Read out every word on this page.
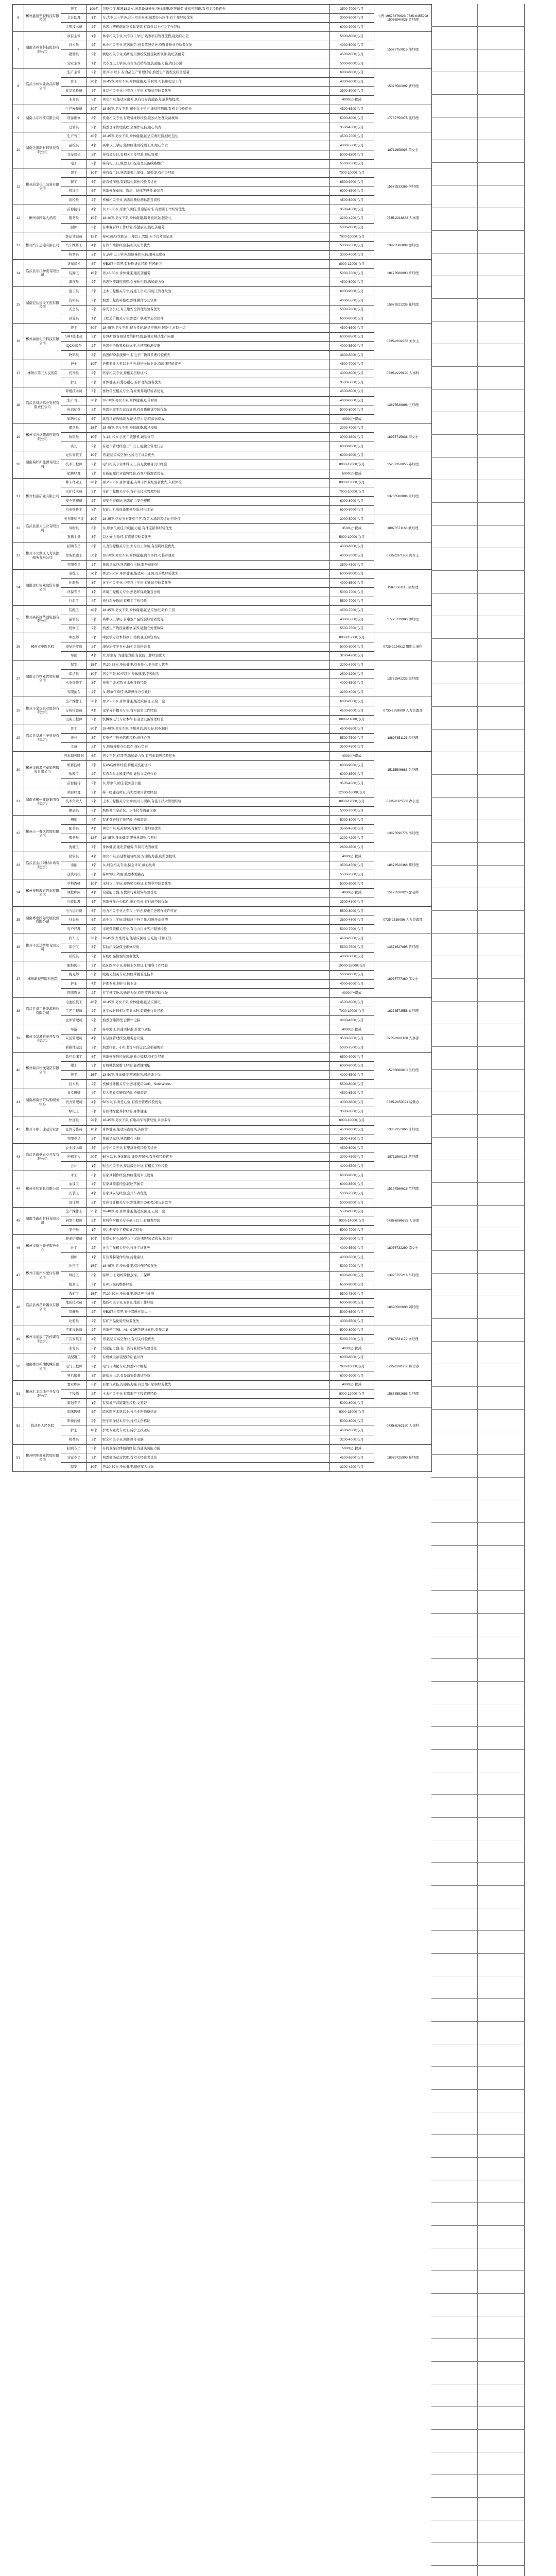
6	郴州鑫通塑胶科技有限公司	普工	100名	包吃包住,年满18周岁,熟悉设备操作,身体健康,吃苦耐劳,能适应倒班,有相关经验优先	3500-7000元/月	小曾 19573379623 0735-6455998 15036940028 黄经理
		会计助理	1名	女,大专以上学历,会计相关专业,熟悉办公软件,有工作经验优先	3000-5000元/月	
		注塑技术员	2名	熟悉注塑机调试及模具安装,有两年以上相关工作经验	6000-9000元/月	
7	湖南省林业科技股份有限公司	项目主管	1名	林学相关专业,大专以上学历,熟悉项目管理流程,能适应出差	5000-8000元/月	15073759815 邹经理
		技术员	2名	林业相关专业,吃苦耐劳,持有驾照优先,有野外作业经验者优先	4000-6000元/月	
		勘测员	2名	测绘相关专业,熟练使用测绘仪器及制图软件,能吃苦耐劳	4500-6500元/月	
		营业主管	1名	大专及以上学历,有市场营销经验,沟通能力强,责任心强	5000-8000元/月	
8	临武小林实业食品有限公司	生产主管	2名	男,35岁以下,有食品生产管理经验,熟悉生产流程及质量控制	6000-8000元/月	15073560092 曹经理
		普工	20名	18-45岁,男女不限,身体健康,吃苦耐劳,可长期稳定工作	4000-6000元/月	
		食品质检员	2名	食品相关专业,中专以上学历,有质检经验者优先	3500-5000元/月	
		业务员	5名	男女不限,能适应出差,具有良好沟通能力,底薪加提成	4000元+提成	
9	湖南小东科技有限公司	生产操作员	30名	18-50岁,男女不限,初中以上学历,能适应倒班,有相关经验优先	4500-6500元/月	17752750075 熊经理
		设备维修	3名	机电相关专业,有设备维修经验,能独立处理设备故障	5000-8000元/月	
		仓管员	2名	熟悉仓库管理流程,会操作电脑,细心负责	3500-4500元/月	
10	湖南美盛新材料科技有限公司	生产普工	40名	18-45岁,男女不限,身体健康,能适应两班倒,包吃包住	4500-7000元/月	18711958098 黄女士
		品检员	4名	高中以上学历,能熟练使用检测工具,细心负责	4000-5500元/月	
		叉车司机	2名	持有叉车证,有相关工作经验,服从管理	5000-6500元/月	
		电工	2名	持有电工证,熟悉工厂配电及设备线路维护	5500-7500元/月	
11	郴州冶金化工装备有限公司	焊工	10名	持有焊工证,熟练掌握二保焊、氩弧焊,有相关经验	7000-10000元/月	15873533366 何经理
		铆工	5名	能看懂图纸,有钢结构制作经验者优先	6500-9000元/月	
		机加工	5名	熟练操作车床、铣床、钻床等设备,能识图	6000-8500元/月	
		质检员	2名	机械相关专业,熟悉质量检测标准及流程	4500-6000元/月	
12	郴州市国际大酒店	前台接待	4名	女,18-30岁,形象气质佳,普通话标准,有酒店工作经验优先	3500-4500元/月	0735-2218888 人事部
		服务员	10名	18-40岁,男女不限,身体健康,服务意识强,包吃住	3200-4200元/月	
		厨师	3名	有中餐厨师工作经验,持健康证,能吃苦耐劳	5000-8000元/月	
13	郴州汽车运输有限公司	客运驾驶员	15名	持A1或A3驾驶证,三年以上驾龄,无不良驾驶记录	7000-10000元/月	13973588809 谢经理
		汽车维修工	4名	有汽车维修经验,持相关证书优先	5000-7500元/月	
		售票员	3名	女,高中以上学历,熟练操作电脑,服务态度好	3000-4000元/月	
14	临武县东江物流有限公司	货车司机	8名	持B2以上驾照,有长途货运经验,吃苦耐劳	8000-12000元/月	18173568090 罗经理
		装卸工	10名	男,18-50岁,身体健康,能吃苦耐劳	5000-7000元/月	
		调度员	2名	熟悉物流调度流程,会操作电脑,沟通能力强	4500-6000元/月	
15	湖南宏达建设工程有限公司	施工员	3名	土木工程相关专业,持施工员证,有施工管理经验	6000-9000元/月	15973521236 陈经理
		资料员	2名	熟悉工程资料整理,熟练操作办公软件	4000-5500元/月	
		安全员	2名	持安全员证,有工地安全管理经验者优先	5000-7000元/月	
		预算员	1名	工程造价相关专业,熟悉广联达等造价软件	6000-8000元/月	
16	郴州福田电子科技有限公司	普工	80名	18-45岁,男女不限,视力良好,能适应倒班,包吃住,五险一金	4500-6500元/月	0735-2832268 刘女士
		SMT技术员	3名	有SMT设备调试及维护经验,能独立解决生产问题	6000-8500元/月	
		IQC检验员	2名	熟悉电子物料检验标准,会使用检测仪器	4000-5500元/月	
		物料员	3名	熟悉ERP系统操作,有电子厂物料管理经验优先	3800-5000元/月	
17	郴州市第三人民医院	护士	10名	护理专业大专以上学历,持护士执业证,有临床经验优先	4500-7000元/月	0735-2229120 人事科
		药剂员	2名	药学相关专业,持相关资格证书	4000-6000元/月	
		护工	6名	身体健康,有爱心耐心,有护理经验者优先	3500-5000元/月	
18	临武县舜华鸭业发展有限责任公司	养殖技术员	3名	畜牧兽医相关专业,有家禽养殖经验者优先	4500-6500元/月	13875538898 王经理
		生产普工	30名	18-50岁,男女不限,身体健康,吃苦耐劳	4000-6000元/月	
		电商运营	2名	熟悉电商平台运营规则,有直播带货经验优先	5000-8000元/月	
		销售代表	5名	具有良好沟通能力,能适应出差,底薪加提成	4000元+提成	
19	郴州市万华超市连锁有限公司	理货员	15名	18-45岁,男女不限,身体健康,服从安排	3000-4000元/月	18975715636 李女士
		收银员	10名	女,18-40岁,会使用收银机,诚实守信	3000-3800元/月	
		店长	2名	有超市管理经验三年以上,能独立管理门店	6000-9000元/月	
20	湖南瑞祥新能源有限公司	光伏安装工	10名	男,能适应高空作业,持电工证者优先	6000-9000元/月	15207358855 邓经理
		技术工程师	2名	电气相关专业本科以上,有光伏项目设计经验	8000-12000元/月	
		销售经理	3名	有新能源行业销售经验,有客户资源者优先	5000元+提成	
21	郴州恒泰矿业有限公司	井下作业工	20名	男,20-50岁,身体健康,有井下作业经验者优先,入职体检	8000-13000元/月	13786588886 朱经理
		采矿技术员	2名	采矿工程相关专业,有矿山技术管理经验	7000-10000元/月	
		安全管理员	2名	持安全资格证,熟悉矿山安全规程	6000-8000元/月	
		机电维修工	3名	有矿山机电设备维修经验,持电工证	6500-9000元/月	
22	临武县通天玉业有限公司	玉石雕刻学徒	10名	18-35岁,热爱玉石雕刻工艺,有美术基础者优先,包吃住	3000-5000元/月	18973571166 欧经理
		导购员	6名	女,形象气质佳,沟通能力强,有珠宝销售经验优先	3500元+提成	
		直播主播	3名	口才好,形象佳,有直播经验者优先	5000-10000元/月	
23	郴州市北湖区人力资源服务有限公司	招聘专员	3名	人力资源相关专业,大专以上学历,有招聘经验优先	4000-6000元/月	0735-2871966 周女士
		劳务派遣工	50名	18-50岁,男女不限,身体健康,岗位多样,可推荐就业	4000-7000元/月	
		客服专员	2名	普通话标准,熟练操作电脑,服务意识强	3500-4500元/月	
24	湖南金旺铋业股份有限公司	冶炼工	20名	男,20-50岁,身体健康,能适应三班倒,有冶炼经验优先	6000-9000元/月	15873561118 胡经理
		化验员	3名	化学相关专业,中专以上学历,有化验经验者优先	4000-5500元/月	
		环保专员	1名	环境工程相关专业,熟悉环保政策及法规	5000-7000元/月	
		行车工	4名	持行车操作证,有相关工作经验	5500-7000元/月	
25	郴州高新区华创电器有限公司	装配工	40名	18-45岁,男女不限,身体健康,能适应加班,计件工资	4500-7000元/月	17775719986 钟经理
		品管员	3名	高中以上学历,有电器产品检验经验者优先	4000-5500元/月	
		机修工	2名	熟悉生产线设备维修保养,能独立处理故障	5500-7500元/月	
26	郴州市中医医院	中医师	3名	中医学专业本科以上,持执业医师资格证	8000-15000元/月	0735-2224512 组织人事科
		康复治疗师	2名	康复治疗学专业,持相关资格证书	5000-8000元/月	
		导医	4名	女,形象好,沟通能力强,有医院工作经验优先	3200-4200元/月	
27	湖南正方物业管理有限公司	保安	15名	男,20-55岁,身体健康,有责任心,退伍军人优先	3200-4200元/月	13762542233 段经理
		保洁员	10名	男女不限,60岁以下,身体健康,吃苦耐劳	2500-3200元/月	
		水电维修工	3名	持电工证,有物业水电维修经验	4000-5500元/月	
		客服前台	2名	女,形象气质佳,熟练操作办公软件	3200-4000元/月	
28	郴州市金贵银业股份有限公司	生产操作工	30名	男,20-50岁,身体健康,能适应倒班,五险一金	6000-8500元/月	0735-2659999 人力资源部
		分析检验员	4名	化学分析相关专业,有实验室工作经验	4500-6000元/月	
		设备工程师	2名	机械或电气专业本科,有冶金设备管理经验	8000-11000元/月	
29	临武县华湘电子科技有限公司	普工	60名	18-48岁,男女不限,手脚灵活,视力好,包吃包住	4500-6500元/月	18807351125 李经理
		线长	3名	有电子厂线长管理经验,责任心强	5500-7500元/月	
		文员	2名	女,熟练操作办公软件,细心负责	3500-4500元/月	
30	郴州市鑫源汽车销售服务有限公司	汽车销售顾问	6名	男女不限,有驾照,沟通能力强,有汽车销售经验优先	4000元+提成	15115506688 彭经理
		机修技师	3名	有4S店维修经验,持相关技能证书	6000-9000元/月	
		钣喷工	2名	有汽车钣金喷漆经验,能独立完成作业	6000-8500元/月	
		前台接待	2名	女,形象气质佳,服务意识强	3500-4500元/月	
31	湖南省郴州建设集团有限公司	项目经理	2名	持一级建造师证,有大型项目管理经验	12000-18000元/月	0735-2325588 办公室
		技术负责人	2名	土木工程相关专业,中级以上职称,有施工技术管理经验	8000-12000元/月	
		测量员	3名	熟练使用全站仪、水准仪等测量仪器	5000-7000元/月	
32	郴州天一餐饮管理有限公司	厨师	4名	有湘菜厨师工作经验,持健康证	5000-8000元/月	13873590776 汤经理
		配菜员	4名	男女不限,吃苦耐劳,有餐厅工作经验优先	3500-4500元/月	
		服务员	12名	18-45岁,身体健康,服务意识强,包吃住	3200-4200元/月	
		洗碗工	3名	身体健康,能吃苦耐劳,年龄可适当放宽	2800-3500元/月	
33	临武县金江钢材市场有限公司	销售员	4名	男女不限,有建材销售经验,沟通能力强,底薪加提成	4000元+提成	18673520368 黎经理
		出纳	1名	女,财会相关专业,持会计证,细心负责	3500-4500元/月	
		送货司机	3名	持B2以上驾照,熟悉本地路况	5500-7500元/月	
34	郴州博雅教育咨询有限公司	学科教师	10名	本科以上学历,持教师资格证,有教学经验者优先	5000-9000元/月	15173530020 廖老师
		课程顾问	4名	沟通能力强,有教育行业销售经验优先	4000元+提成	
		行政助理	1名	熟练操作办公软件,细心负责,有行政经验优先	3500-4500元/月	
35	湖南郴电国际发展股份有限公司	电力运维员	6名	电力相关专业大专以上学历,持电工进网作业许可证	5500-8000元/月	0735-2339056 人力资源部
		抄表员	5名	高中以上学历,能适应户外工作,有摩托车驾照	3500-4800元/月	
		客户经理	2名	市场营销相关专业,有电力行业客户服务经验	5000-7000元/月	
36	郴州市宏达纺织有限公司	挡车工	30名	18-45岁,女性优先,能适应倒班,包吃住,计件工资	4500-6500元/月	13574527895 曾经理
		保全工	3名	有纺织设备保全维修经验	5500-7500元/月	
		质检员	2名	有纺织品检验经验者优先	4000-5000元/月	
37	郴州新视界眼科医院	眼科医生	2名	临床医学专业,持执业医师证,有眼科工作经验	10000-18000元/月	18975777360 邝女士
		视光师	3名	眼视光相关专业,熟练掌握验光技术	5000-8000元/月	
		护士	4名	护理专业,持护士执业证	4000-6000元/月	
		网络咨询	2名	打字速度快,沟通能力强,有医疗咨询经验优先	4000元+提成	
38	临武县嘉宇新能源科技有限公司	电池组装工	40名	18-45岁,男女不限,身体健康,能适应倒班	4500-6500元/月	18273573558 袁经理
		工艺工程师	2名	化学或材料相关专业本科,有锂电行业经验	7000-10000元/月	
		仓库管理员	2名	熟悉仓储管理,会操作电脑	3800-4800元/月	
39	郴州市华湘旅游开发有限公司	导游	5名	持导游证,普通话标准,形象气质佳	4000元+提成	0735-2661188 人事部
		景区管理员	4名	有景区管理经验,服务意识强	3500-5000元/月	
		新媒体运营	2名	熟悉抖音、小红书等平台运营,会拍摄剪辑	5000-7500元/月	
40	郴州瑞兴机械制造有限公司	数控车床工	6名	熟练操作数控车床,能独立编程,有相关经验	6500-9000元/月	15286088810 吴经理
		钳工	3名	有机械装配钳工经验,能看懂图纸	6000-8000元/月	
		普工	15名	18-50岁,身体健康,吃苦耐劳,可培训上岗	4000-5500元/月	
		技术员	2名	机械设计相关专业,熟练使用CAD、SolidWorks	5500-8000元/月	
41	湖南湘南学院后勤服务中心	食堂厨师	4名	有大型食堂厨师经验,持健康证	4500-6500元/月	0735-2653021 后勤办
		宿舍管理员	4名	50岁以下,责任心强,有宿舍管理经验优先	3000-3800元/月	
		绿化工	3名	有园林绿化养护经验,身体健康	3000-3800元/月	
42	郴州市顺丰速运营业部	快递员	20名	18-45岁,男女不限,有电动车驾驶经验,多劳多得	6000-10000元/月	13807352066 许经理
		仓管分拣员	10名	身体健康,能适应夜班,吃苦耐劳	4500-6000元/月	
		客服专员	2名	普通话标准,熟练操作电脑	3500-4500元/月	
43	临武县鑫盛农业开发有限公司	农业技术员	3名	农学相关专业,有果蔬种植经验者优先	4500-6000元/月	18711960125 蒋经理
		种植工人	20名	60岁以下,身体健康,能吃苦耐劳,有种植经验优先	3000-4500元/月	
		会计	1名	财会相关专业,持初级会计证,有相关工作经验	4000-5500元/月	
44	郴州佳和家具有限公司	木工	8名	有家具制作经验,熟练使用木工设备	6000-9000元/月	15197566618 范经理
		油漆工	4名	有家具喷漆经验,能吃苦耐劳	6000-8500元/月	
		安装工	4名	有家具安装经验,会开车者优先	5000-7500元/月	
		设计师	2名	室内设计相关专业,熟练使用CAD及3D设计软件	5000-9000元/月	
45	湖南华鑫新材料有限公司	生产操作工	25名	18-48岁,男,身体健康,能适应倒班,五险一金	5500-8000元/月	0735-6886655 人事部
		研发工程师	2名	材料科学相关专业硕士以上,有研发经验	9000-14000元/月	
		安全员	1名	持注册安全工程师证者优先	5000-7000元/月	
46	郴州市康乐养老服务中心	养老护理员	10名	有爱心耐心,55岁以下,有护理经验者优先,包吃住	3500-5000元/月	18075732290 谭女士
		社工	2名	社会工作相关专业,持社工证优先	4000-5500元/月	
		厨师	1名	有营养餐制作经验,持健康证	4000-5000元/月	
47	郴州宇通汽车配件有限公司	冲压工	15名	18-45岁,男,身体健康,有冲压经验优先	5000-7000元/月	13975755216 马经理
		焊接工	8名	持焊工证,熟练掌握点焊、二保焊	6000-8000元/月	
		模具工	2名	有冲压模具维修经验	6500-9000元/月	
48	临武县香花岭锡业有限公司	选矿工	15名	男,20-50岁,身体健康,能适应三班倒	5500-7500元/月	18890506608 刘经理
		地质技术员	2名	地质相关专业,有矿山地质工作经验	6000-9000元/月	
		驾驶员	2名	持B2以上驾照,安全驾驶五年以上	5000-6500元/月	
		化验员	2名	有矿产品化验经验者优先	4000-5500元/月	
49	郴州市星辰广告传媒有限公司	平面设计师	2名	熟练使用PS、AI、CDR等设计软件,有作品集	5000-8000元/月	17873531179 文经理
		广告安装工	4名	男,能适应高空作业,有相关经验优先	5000-7000元/月	
		业务员	3名	沟通能力强,有广告行业销售经验优先	4000元+提成	
50	湖南郴州粮油机械有限公司	装配钳工	6名	有机械设备装配经验,能识图	6000-8000元/月	0735-2881236 综合办
		电气工程师	2名	电气自动化专业,熟悉PLC编程	7000-10000元/月	
		售后服务	3名	能适应出差,有设备安装调试经验	6000-9000元/月	
51	郴州汇丰房地产开发有限公司	置业顾问	8名	形象气质佳,沟通能力强,有房地产销售经验优先	4000元+提成	15873552688 肖经理
		工程师	2名	土木相关专业,有房地产工程管理经验	8000-12000元/月	
		策划专员	1名	有房地产营销策划经验,文笔好	5000-8000元/月	
52	临武县人民医院	临床医师	5名	临床医学本科以上,持执业医师资格证	8000-15000元/月	0735-6362120 人事科
		影像技师	2名	医学影像技术专业,持相关资格证	5000-8000元/月	
		护士	10名	护理专业大专以上,持护士执业证	4500-6500元/月	
		收费员	2名	财会相关专业,熟练操作电脑	3200-4000元/月	
53	郴州明珠商业管理有限公司	招商专员	3名	有商业综合体招商经验,沟通谈判能力强	5000元+提成	18975725900 易经理
		营运专员	2名	熟悉商场运营管理,有相关经验者优先	4500-6500元/月	
		保安	10名	男,20-50岁,身体健康,退伍军人优先	3300-4200元/月	
